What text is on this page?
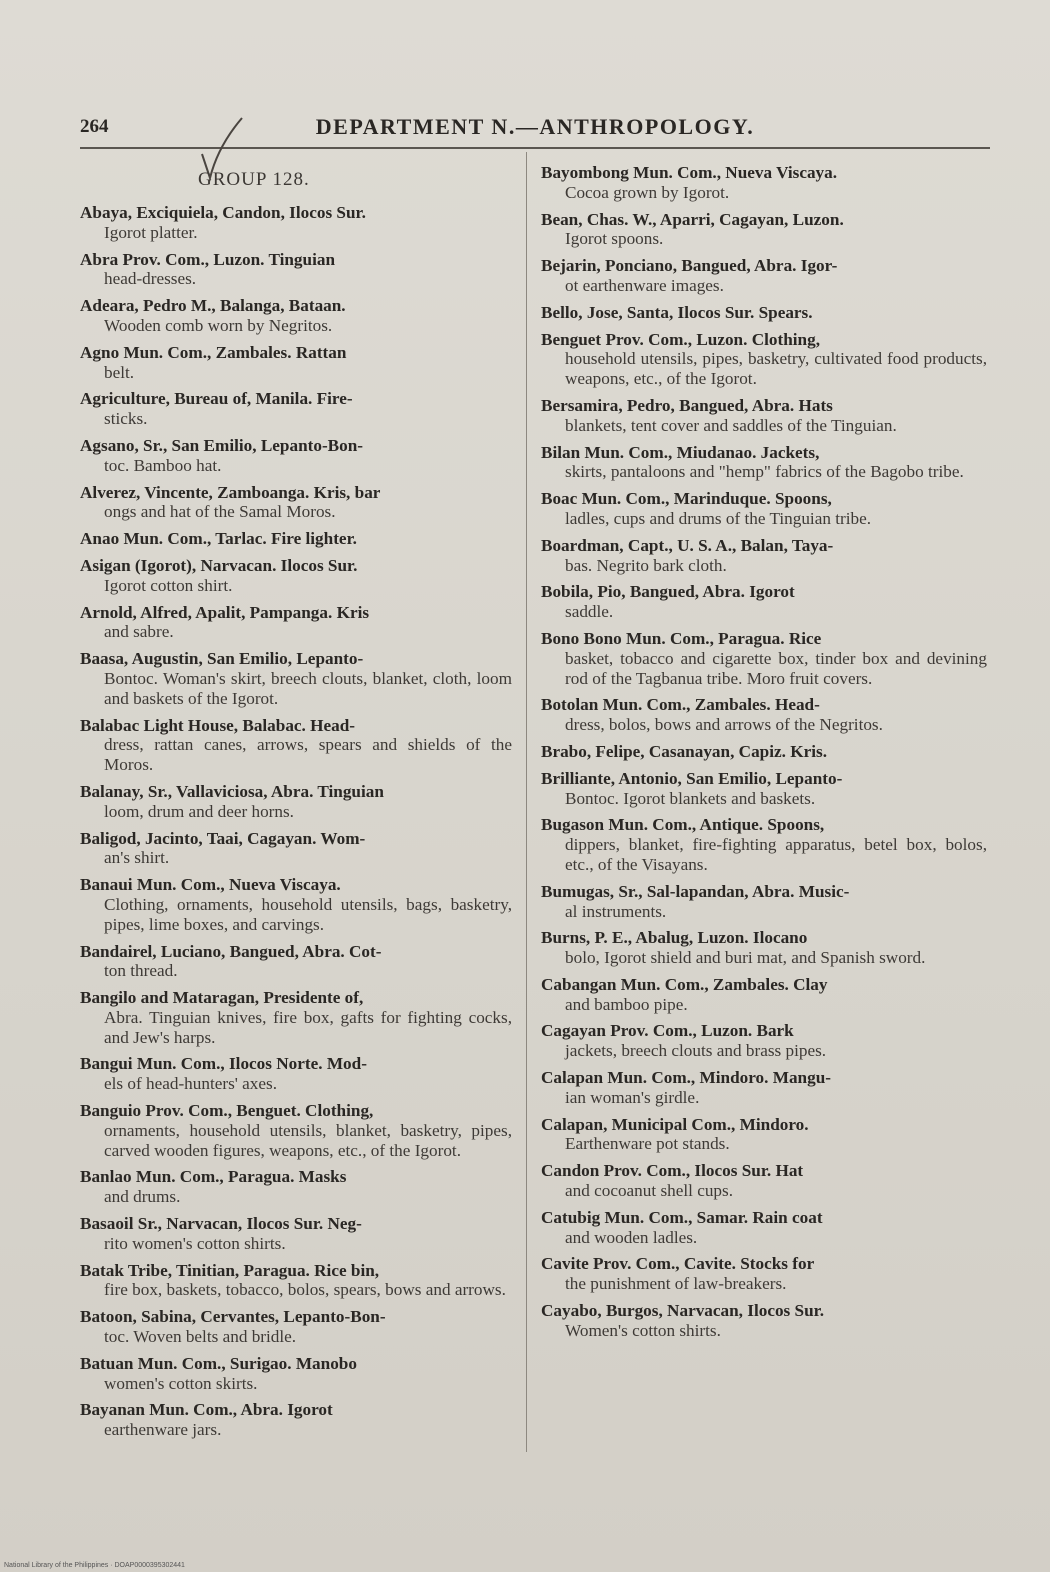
264	DEPARTMENT N.—ANTHROPOLOGY.
GROUP 128.
Abaya, Exciquiela, Candon, Ilocos Sur.
Igorot platter.
Abra Prov. Com., Luzon. Tinguian
head-dresses.
Adeara, Pedro M., Balanga, Bataan.
Wooden comb worn by Negritos.
Agno Mun. Com., Zambales. Rattan
belt.
Agriculture, Bureau of, Manila. Fire-
sticks.
Agsano, Sr., San Emilio, Lepanto-Bon-
toc. Bamboo hat.
Alverez, Vincente, Zamboanga. Kris, bar
ongs and hat of the Samal Moros.
Anao Mun. Com., Tarlac. Fire lighter.
Asigan (Igorot), Narvacan. Ilocos Sur.
Igorot cotton shirt.
Arnold, Alfred, Apalit, Pampanga. Kris
and sabre.
Baasa, Augustin, San Emilio, Lepanto-
Bontoc. Woman's skirt, breech clouts, blanket, cloth, loom and baskets of the Igorot.
Balabac Light House, Balabac. Head-
dress, rattan canes, arrows, spears and shields of the Moros.
Balanay, Sr., Vallaviciosa, Abra. Tinguian
loom, drum and deer horns.
Baligod, Jacinto, Taai, Cagayan. Wom-
an's shirt.
Banaui Mun. Com., Nueva Viscaya.
Clothing, ornaments, household utensils, bags, basketry, pipes, lime boxes, and carvings.
Bandairel, Luciano, Bangued, Abra. Cot-
ton thread.
Bangilo and Mataragan, Presidente of,
Abra. Tinguian knives, fire box, gafts for fighting cocks, and Jew's harps.
Bangui Mun. Com., Ilocos Norte. Mod-
els of head-hunters' axes.
Banguio Prov. Com., Benguet. Clothing,
ornaments, household utensils, blanket, basketry, pipes, carved wooden figures, weapons, etc., of the Igorot.
Banlao Mun. Com., Paragua. Masks
and drums.
Basaoil Sr., Narvacan, Ilocos Sur. Neg-
rito women's cotton shirts.
Batak Tribe, Tinitian, Paragua. Rice bin,
fire box, baskets, tobacco, bolos, spears, bows and arrows.
Batoon, Sabina, Cervantes, Lepanto-Bon-
toc. Woven belts and bridle.
Batuan Mun. Com., Surigao. Manobo
women's cotton skirts.
Bayanan Mun. Com., Abra. Igorot
earthenware jars.
Bayombong Mun. Com., Nueva Viscaya.
Cocoa grown by Igorot.
Bean, Chas. W., Aparri, Cagayan, Luzon.
Igorot spoons.
Bejarin, Ponciano, Bangued, Abra. Igor-
ot earthenware images.
Bello, Jose, Santa, Ilocos Sur. Spears.
Benguet Prov. Com., Luzon. Clothing,
household utensils, pipes, basketry, cultivated food products, weapons, etc., of the Igorot.
Bersamira, Pedro, Bangued, Abra. Hats
blankets, tent cover and saddles of the Tinguian.
Bilan Mun. Com., Miudanao. Jackets,
skirts, pantaloons and "hemp" fabrics of the Bagobo tribe.
Boac Mun. Com., Marinduque. Spoons,
ladles, cups and drums of the Tinguian tribe.
Boardman, Capt., U. S. A., Balan, Taya-
bas. Negrito bark cloth.
Bobila, Pio, Bangued, Abra. Igorot
saddle.
Bono Bono Mun. Com., Paragua. Rice
basket, tobacco and cigarette box, tinder box and devining rod of the Tagbanua tribe. Moro fruit covers.
Botolan Mun. Com., Zambales. Head-
dress, bolos, bows and arrows of the Negritos.
Brabo, Felipe, Casanayan, Capiz. Kris.
Brilliante, Antonio, San Emilio, Lepanto-
Bontoc. Igorot blankets and baskets.
Bugason Mun. Com., Antique. Spoons,
dippers, blanket, fire-fighting apparatus, betel box, bolos, etc., of the Visayans.
Bumugas, Sr., Sal-lapandan, Abra. Music-
al instruments.
Burns, P. E., Abalug, Luzon. Ilocano
bolo, Igorot shield and buri mat, and Spanish sword.
Cabangan Mun. Com., Zambales. Clay
and bamboo pipe.
Cagayan Prov. Com., Luzon. Bark
jackets, breech clouts and brass pipes.
Calapan Mun. Com., Mindoro. Mangu-
ian woman's girdle.
Calapan, Municipal Com., Mindoro.
Earthenware pot stands.
Candon Prov. Com., Ilocos Sur. Hat
and cocoanut shell cups.
Catubig Mun. Com., Samar. Rain coat
and wooden ladles.
Cavite Prov. Com., Cavite. Stocks for
the punishment of law-breakers.
Cayabo, Burgos, Narvacan, Ilocos Sur.
Women's cotton shirts.
National Library of the Philippines · DOAP0000395302441
